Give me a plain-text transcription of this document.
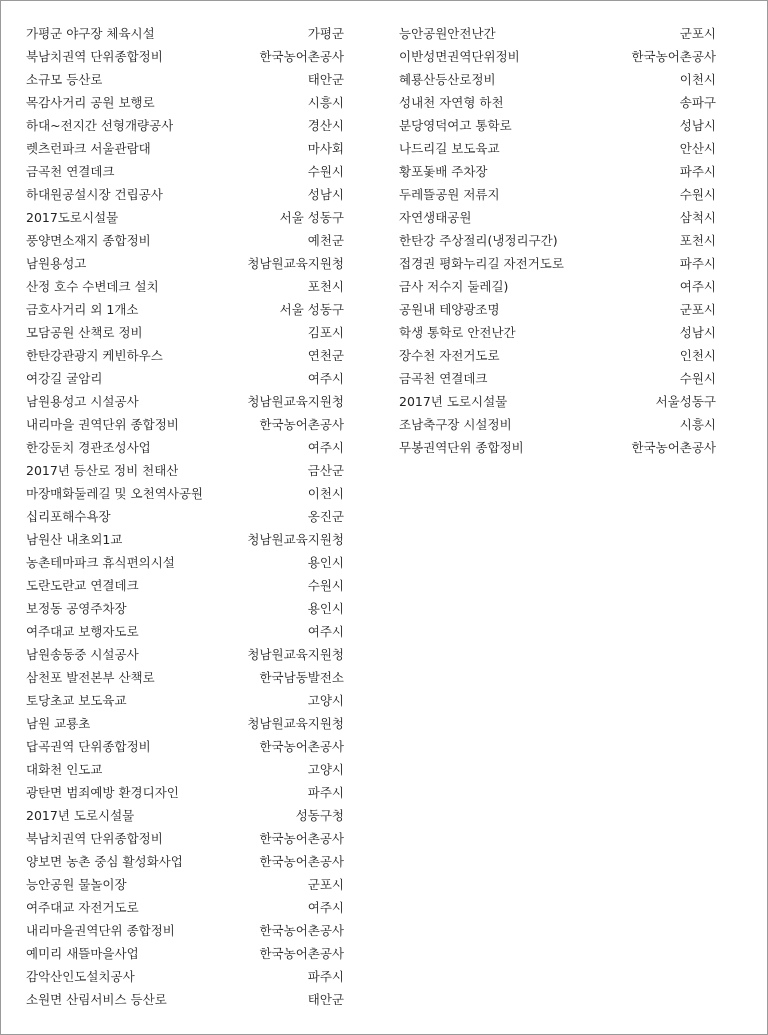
가평군 야구장 체육시설	가평군
북남치권역 단위종합정비	한국농어촌공사
소규모 등산로	태안군
목감사거리 공원 보행로	시흥시
하대~전지간 선형개량공사	경산시
렛츠런파크 서울관람대	마사회
금곡천 연결데크	수원시
하대원공설시장 건립공사	성남시
2017도로시설물	서울 성동구
풍양면소재지 종합정비	예천군
남원용성고	청남원교육지원청
산정 호수 수변데크 설치	포천시
금호사거리 외 1개소	서울 성동구
모담공원 산책로 정비	김포시
한탄강관광지 케빈하우스	연천군
여강길 굴암리	여주시
남원용성고 시설공사	청남원교육지원청
내리마을 권역단위 종합정비	한국농어촌공사
한강둔치 경관조성사업	여주시
2017년 등산로 정비 천태산	금산군
마장매화둘레길 및 오천역사공원	이천시
십리포해수욕장	옹진군
남원산 내초외1교	청남원교육지원청
농촌테마파크 휴식편의시설	용인시
도란도란교 연결데크	수원시
보정동 공영주차장	용인시
여주대교 보행자도로	여주시
남원송동중 시설공사	청남원교육지원청
삼천포 발전본부 산책로	한국남동발전소
토당초교 보도육교	고양시
남원 교룡초	청남원교육지원청
답곡권역 단위종합정비	한국농어촌공사
대화천 인도교	고양시
광탄면 범죄예방 환경디자인	파주시
2017년 도로시설물	성동구청
북남치권역 단위종합정비	한국농어촌공사
양보면 농촌 중심 활성화사업	한국농어촌공사
능안공원 물놀이장	군포시
여주대교 자전거도로	여주시
내리마을권역단위 종합정비	한국농어촌공사
예미리 새뜰마을사업	한국농어촌공사
감악산인도설치공사	파주시
소원면 산림서비스 등산로	태안군
능안공원안전난간	군포시
이반성면권역단위정비	한국농어촌공사
혜룡산등산로정비	이천시
성내천 자연형 하천	송파구
분당영덕여고 통학로	성남시
나드리길 보도육교	안산시
황포돛배 주차장	파주시
두레뜰공원 저류지	수원시
자연생태공원	삼척시
한탄강 주상절리(냉정리구간)	포천시
접경권 평화누리길 자전거도로	파주시
금사 저수지 둘레길)	여주시
공원내 테양광조명	군포시
학생 통학로 안전난간	성남시
장수천 자전거도로	인천시
금곡천 연결데크	수원시
2017년 도로시설물	서울성동구
조남축구장 시설정비	시흥시
무봉권역단위 종합정비	한국농어촌공사
